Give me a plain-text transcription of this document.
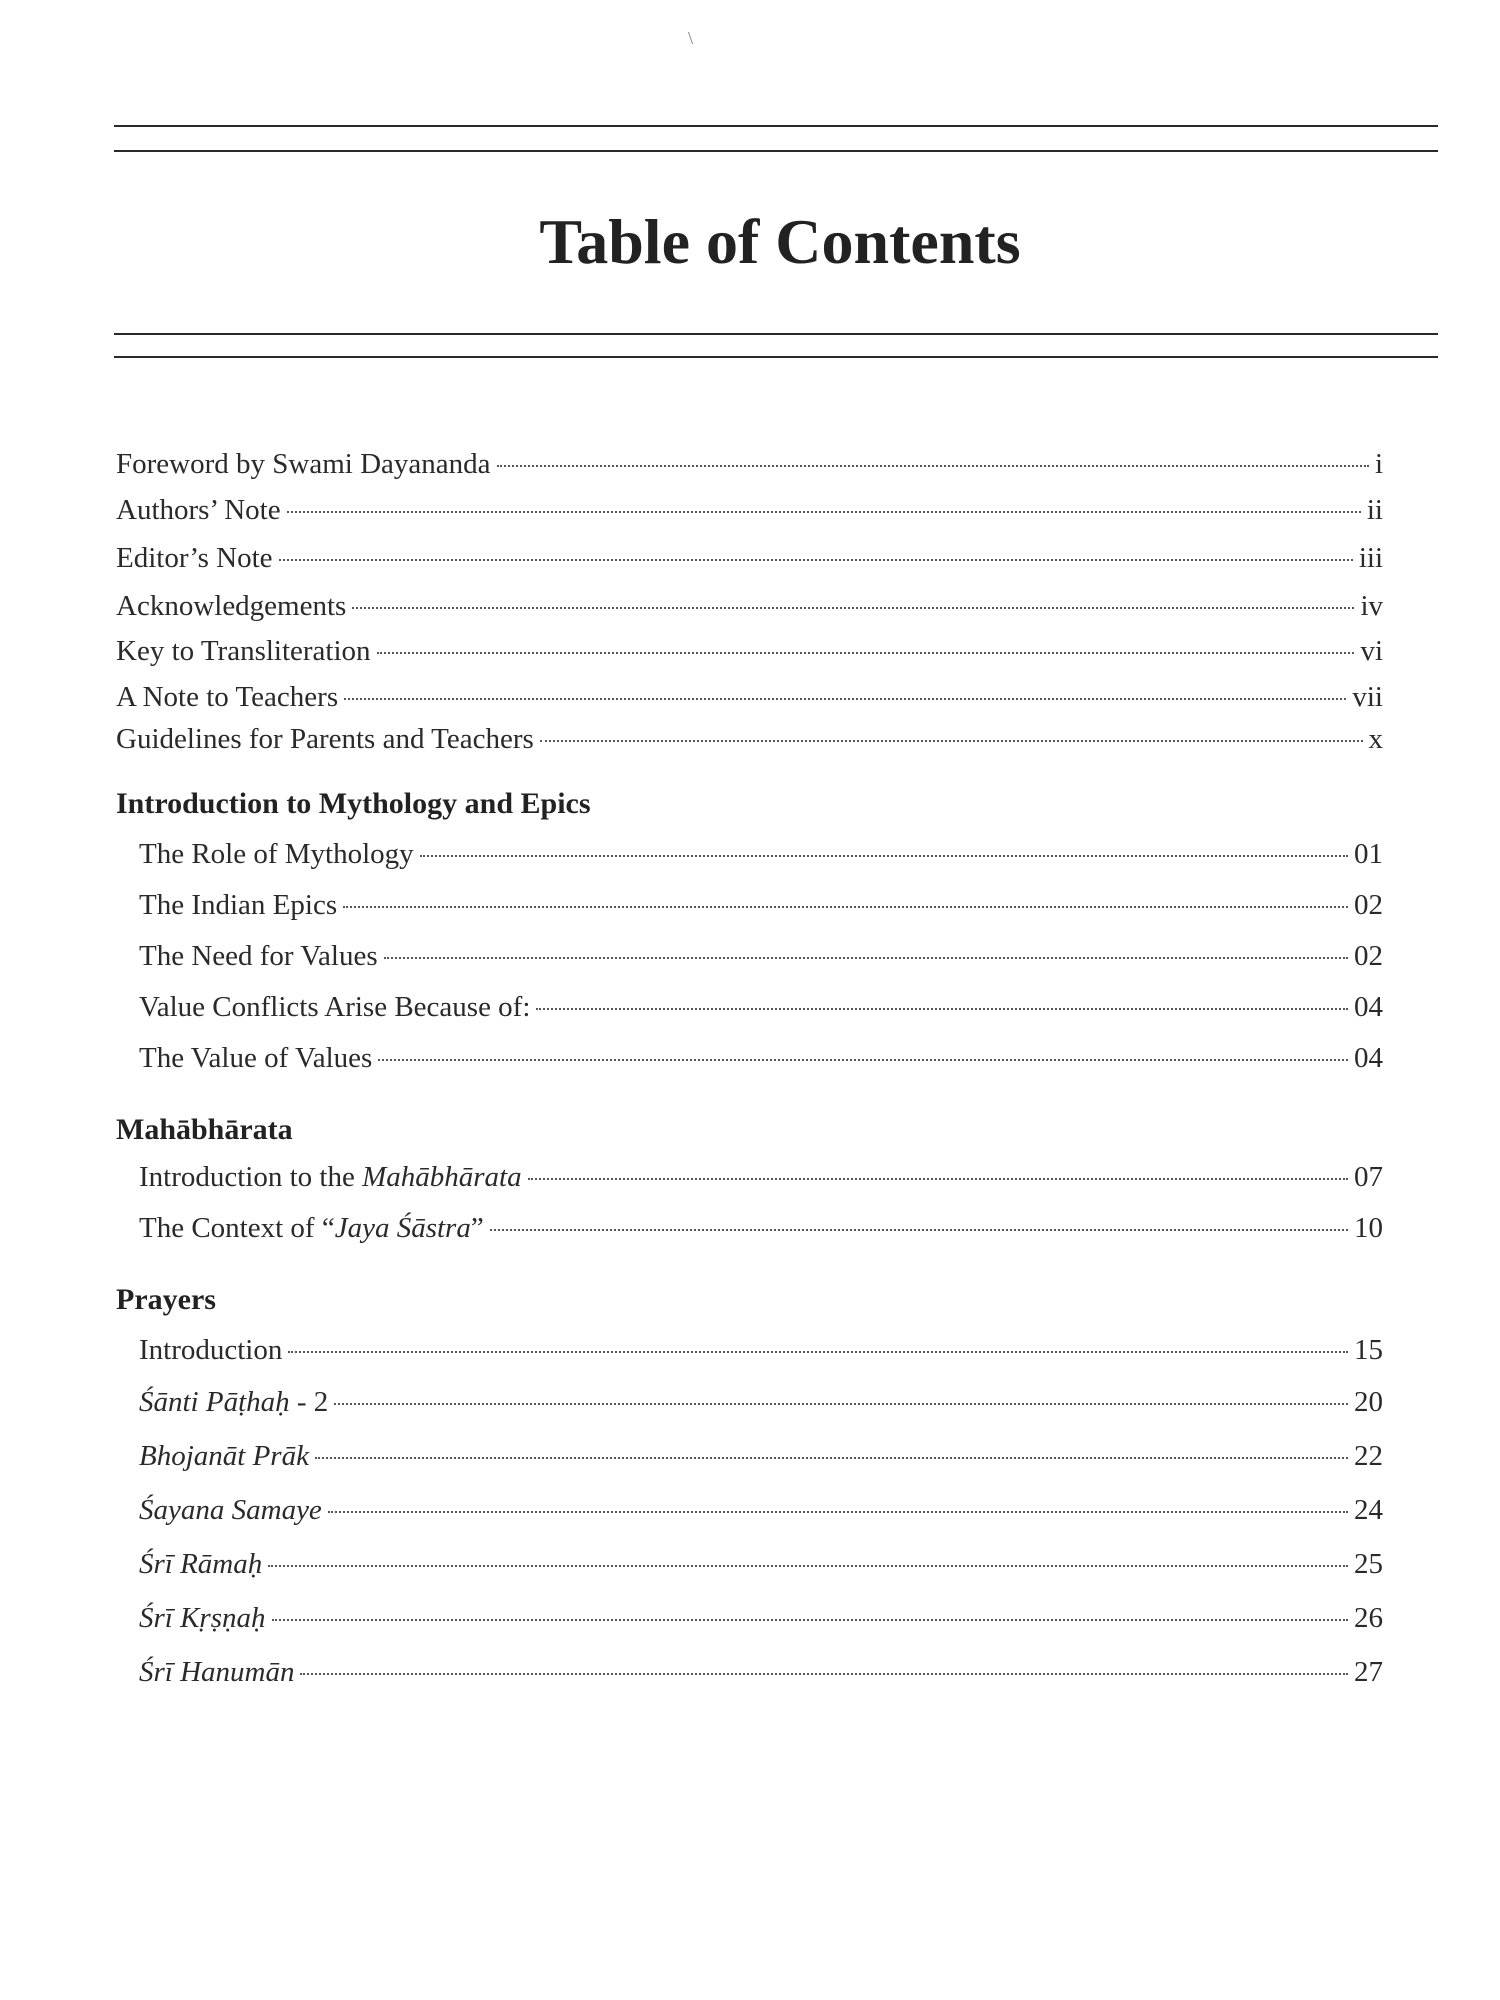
\
Table of Contents
Foreword by Swami Dayananda	i
Authors’ Note	ii
Editor’s Note	iii
Acknowledgements	iv
Key to Transliteration	vi
A Note to Teachers	vii
Guidelines for Parents and Teachers	x
Introduction to Mythology and Epics
The Role of Mythology	01
The Indian Epics	02
The Need for Values	02
Value Conflicts Arise Because of:	04
The Value of Values	04
Mahābhārata
Introduction to the Mahābhārata	07
The Context of “Jaya Śāstra”	10
Prayers
Introduction	15
Śānti Pāṭhaḥ - 2	20
Bhojanāt Prāk	22
Śayana Samaye	24
Śrī Rāmaḥ	25
Śrī Kṛṣṇaḥ	26
Śrī Hanumān	27
